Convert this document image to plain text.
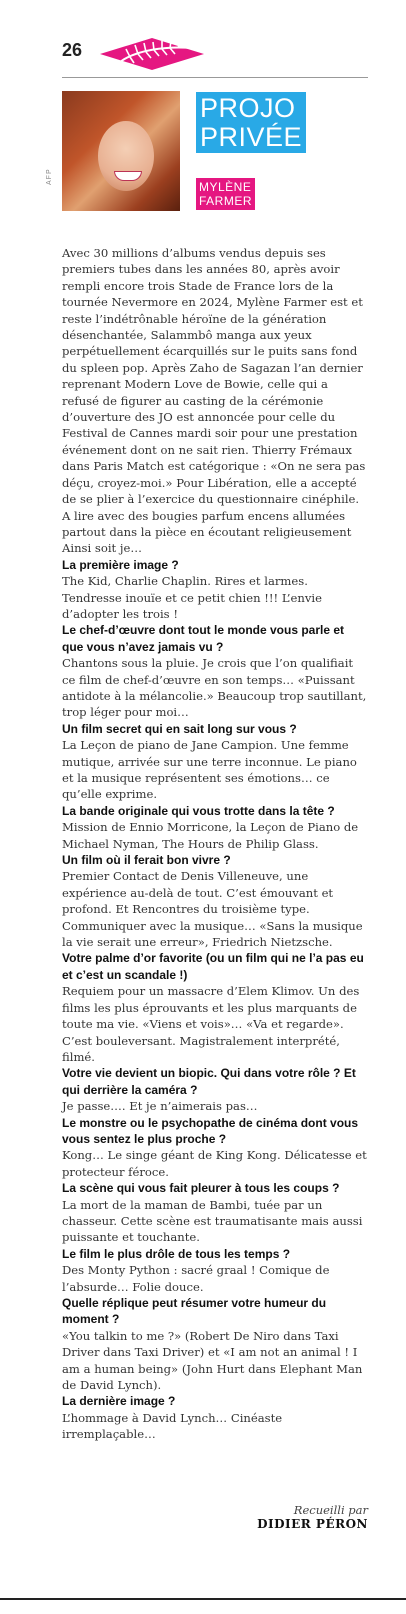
26
AFP
PROJO
PRIVÉE
MYLÈNE
FARMER

Avec 30 millions d’albums vendus depuis ses premiers tubes dans les années 80, après avoir rempli encore trois Stade de France lors de la tournée Nevermore en 2024, Mylène Farmer est et reste l’indétrônable héroïne de la génération désenchantée, Salammbô manga aux yeux perpétuellement écarquillés sur le puits sans fond du spleen pop. Après Zaho de Sagazan l’an dernier reprenant Modern Love de Bowie, celle qui a refusé de figurer au casting de la cérémonie d’ouverture des JO est annoncée pour celle du Festival de Cannes mardi soir pour une prestation événement dont on ne sait rien. Thierry Frémaux dans Paris Match est catégorique : «On ne sera pas déçu, croyez-moi.» Pour Libération, elle a accepté de se plier à l’exercice du questionnaire cinéphile. A lire avec des bougies parfum encens allumées partout dans la pièce en écoutant religieusement Ainsi soit je…

La première image ?

The Kid, Charlie Chaplin. Rires et larmes. Tendresse inouïe et ce petit chien !!! L’envie d’adopter les trois !

Le chef-d’œuvre dont tout le monde vous parle et que vous n’avez jamais vu ?

Chantons sous la pluie. Je crois que l’on qualifiait ce film de chef-d’œuvre en son temps… «Puissant antidote à la mélancolie.» Beaucoup trop sautillant, trop léger pour moi…

Un film secret qui en sait long sur vous ?

La Leçon de piano de Jane Campion. Une femme mutique, arrivée sur une terre inconnue. Le piano et la musique représentent ses émotions… ce qu’elle exprime.

La bande originale qui vous trotte dans la tête ?

Mission de Ennio Morricone, la Leçon de Piano de Michael Nyman, The Hours de Philip Glass.

Un film où il ferait bon vivre ?

Premier Contact de Denis Villeneuve, une expérience au-delà de tout. C’est émouvant et profond. Et Rencontres du troisième type. Communiquer avec la musique… «Sans la musique la vie serait une erreur», Friedrich Nietzsche.

Votre palme d’or favorite (ou un film qui ne l’a pas eu et c’est un scandale !)

Requiem pour un massacre d’Elem Klimov. Un des films les plus éprouvants et les plus marquants de toute ma vie. «Viens et vois»… «Va et regarde». C’est bouleversant. Magistralement interprété, filmé.

Votre vie devient un biopic. Qui dans votre rôle ? Et qui derrière la caméra ?

Je passe…. Et je n’aimerais pas…

Le monstre ou le psychopathe de cinéma dont vous vous sentez le plus proche ?

Kong… Le singe géant de King Kong. Délicatesse et protecteur féroce.

La scène qui vous fait pleurer à tous les coups ?

La mort de la maman de Bambi, tuée par un chasseur. Cette scène est traumatisante mais aussi puissante et touchante.

Le film le plus drôle de tous les temps ?

Des Monty Python : sacré graal ! Comique de l’absurde… Folie douce.

Quelle réplique peut résumer votre humeur du moment ?

«You talkin to me ?» (Robert De Niro dans Taxi Driver dans Taxi Driver) et «I am not an animal ! I am a human being» (John Hurt dans Elephant Man de David Lynch).

La dernière image ?

L’hommage à David Lynch… Cinéaste irremplaçable…

Recueilli par
DIDIER PÉRON
